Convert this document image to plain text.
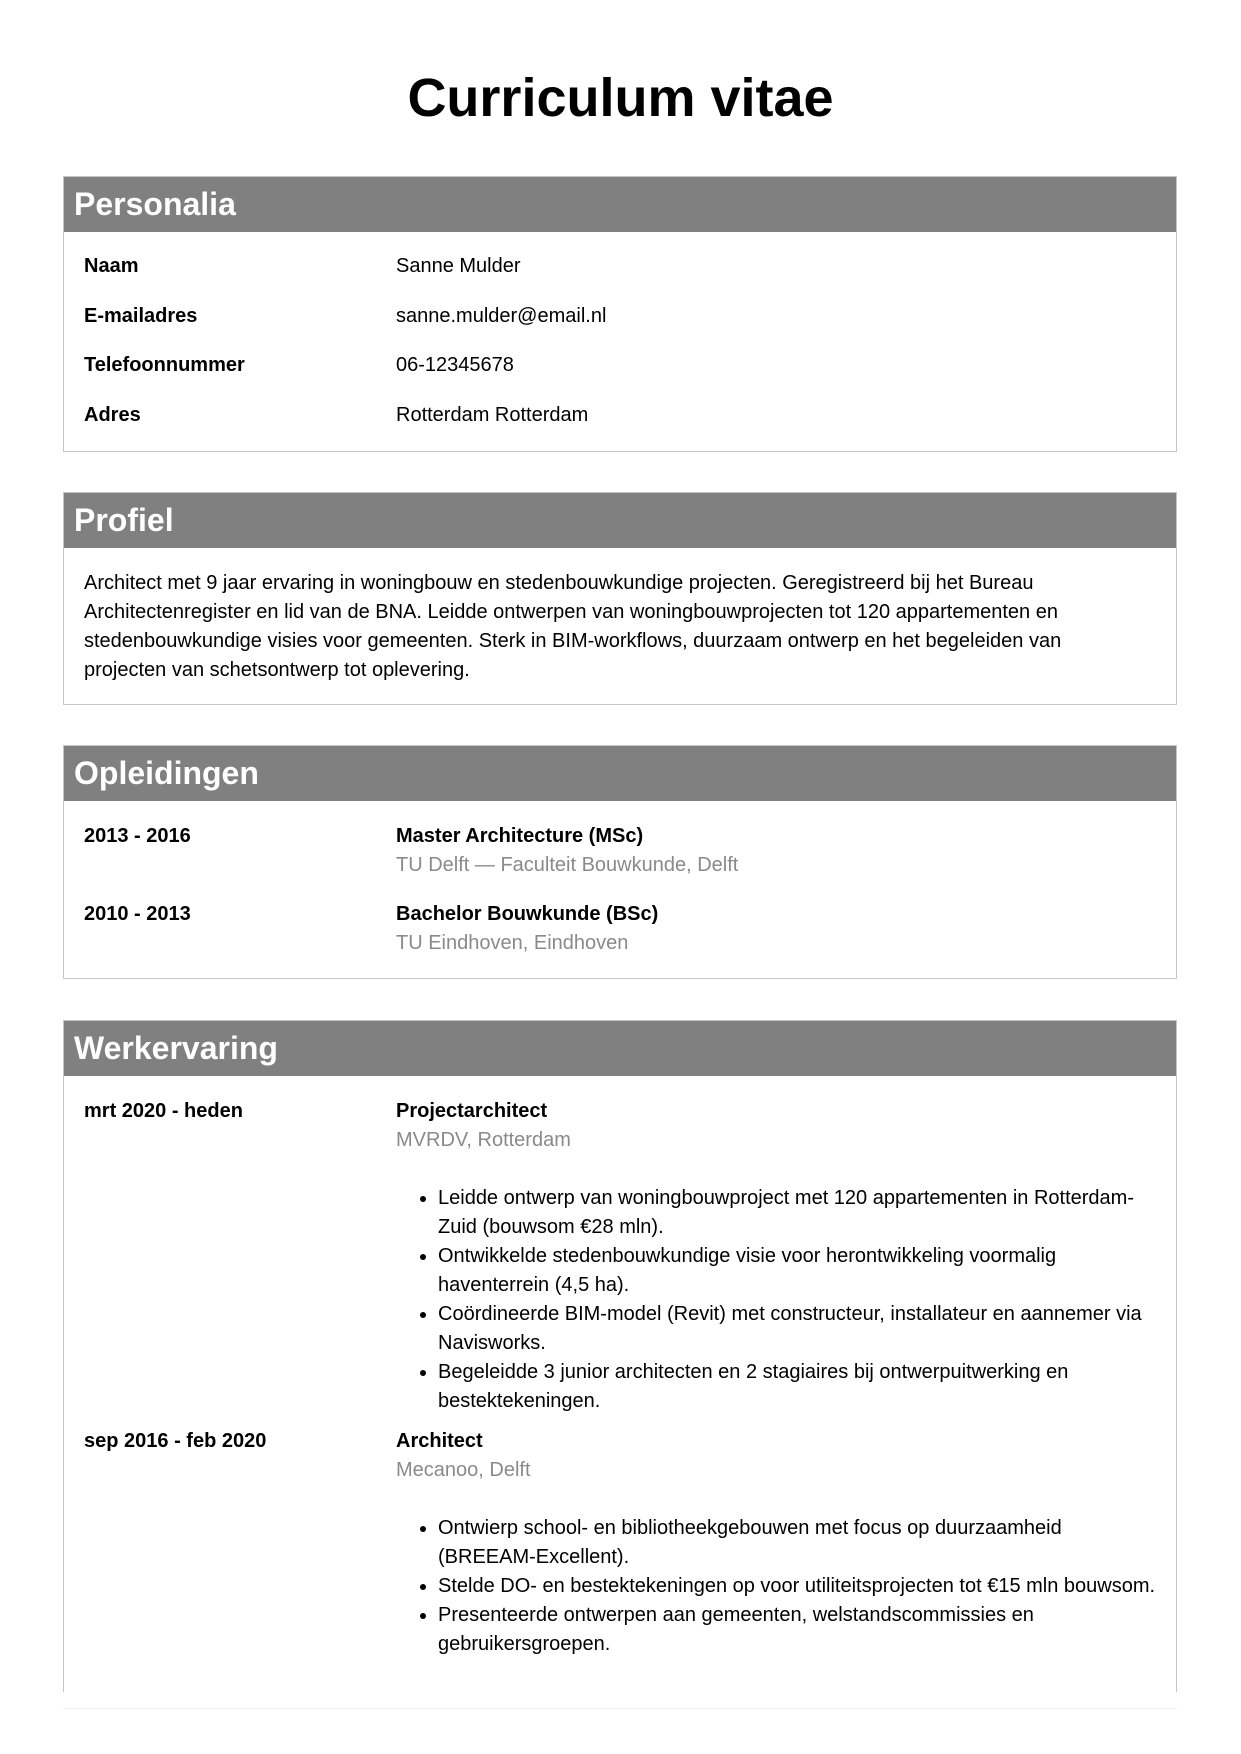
Curriculum vitae
Personalia
Naam	Sanne Mulder
E-mailadres	sanne.mulder@email.nl
Telefoonnummer	06-12345678
Adres	Rotterdam Rotterdam
Profiel
Architect met 9 jaar ervaring in woningbouw en stedenbouwkundige projecten. Geregistreerd bij het Bureau Architectenregister en lid van de BNA. Leidde ontwerpen van woningbouwprojecten tot 120 appartementen en stedenbouwkundige visies voor gemeenten. Sterk in BIM-workflows, duurzaam ontwerp en het begeleiden van projecten van schetsontwerp tot oplevering.
Opleidingen
2013 - 2016	Master Architecture (MSc)
TU Delft — Faculteit Bouwkunde, Delft
2010 - 2013	Bachelor Bouwkunde (BSc)
TU Eindhoven, Eindhoven
Werkervaring
mrt 2020 - heden	Projectarchitect
MVRDV, Rotterdam
• Leidde ontwerp van woningbouwproject met 120 appartementen in Rotterdam-Zuid (bouwsom €28 mln).
• Ontwikkelde stedenbouwkundige visie voor herontwikkeling voormalig haventerrein (4,5 ha).
• Coördineerde BIM-model (Revit) met constructeur, installateur en aannemer via Navisworks.
• Begeleidde 3 junior architecten en 2 stagiaires bij ontwerpuitwerking en bestektekeningen.
sep 2016 - feb 2020	Architect
Mecanoo, Delft
• Ontwierp school- en bibliotheekgebouwen met focus op duurzaamheid (BREEAM-Excellent).
• Stelde DO- en bestektekeningen op voor utiliteitsprojecten tot €15 mln bouwsom.
• Presenteerde ontwerpen aan gemeenten, welstandscommissies en gebruikersgroepen.
